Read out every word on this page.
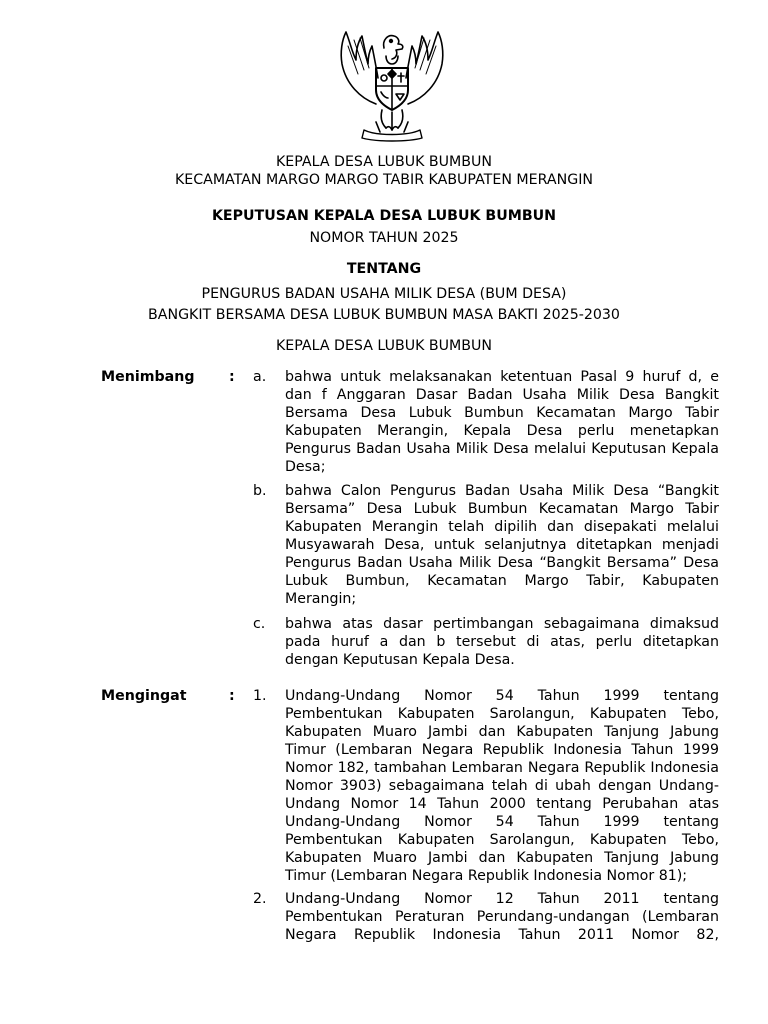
KEPALA DESA LUBUK BUMBUN
KECAMATAN MARGO MARGO TABIR KABUPATEN MERANGIN
KEPUTUSAN KEPALA DESA LUBUK BUMBUN
NOMOR TAHUN 2025
TENTANG
PENGURUS BADAN USAHA MILIK DESA (BUM DESA)
BANGKIT BERSAMA DESA LUBUK BUMBUN MASA BAKTI 2025-2030
KEPALA DESA LUBUK BUMBUN
Menimbang : a. bahwa untuk melaksanakan ketentuan Pasal 9 huruf d, e dan f Anggaran Dasar Badan Usaha Milik Desa Bangkit Bersama Desa Lubuk Bumbun Kecamatan Margo Tabir Kabupaten Merangin, Kepala Desa perlu menetapkan Pengurus Badan Usaha Milik Desa melalui Keputusan Kepala Desa;

b. bahwa Calon Pengurus Badan Usaha Milik Desa “Bangkit Bersama” Desa Lubuk Bumbun Kecamatan Margo Tabir Kabupaten Merangin telah dipilih dan disepakati melalui Musyawarah Desa, untuk selanjutnya ditetapkan menjadi Pengurus Badan Usaha Milik Desa “Bangkit Bersama” Desa Lubuk Bumbun, Kecamatan Margo Tabir, Kabupaten Merangin;

c. bahwa atas dasar pertimbangan sebagaimana dimaksud pada huruf a dan b tersebut di atas, perlu ditetapkan dengan Keputusan Kepala Desa.

Mengingat	: 1. Undang-Undang Nomor 54 Tahun 1999 tentang Pembentukan Kabupaten Sarolangun, Kabupaten Tebo, Kabupaten Muaro Jambi dan Kabupaten Tanjung Jabung Timur (Lembaran Negara Republik Indonesia Tahun 1999 Nomor 182, tambahan Lembaran Negara Republik Indonesia Nomor 3903) sebagaimana telah di ubah dengan Undang-Undang Nomor 14 Tahun 2000 tentang Perubahan atas Undang-Undang Nomor 54 Tahun 1999 tentang Pembentukan Kabupaten Sarolangun, Kabupaten Tebo, Kabupaten Muaro Jambi dan Kabupaten Tanjung Jabung Timur (Lembaran Negara Republik Indonesia Nomor 81);

2. Undang-Undang Nomor 12 Tahun 2011 tentang Pembentukan Peraturan Perundang-undangan (Lembaran Negara Republik Indonesia Tahun 2011 Nomor 82,
